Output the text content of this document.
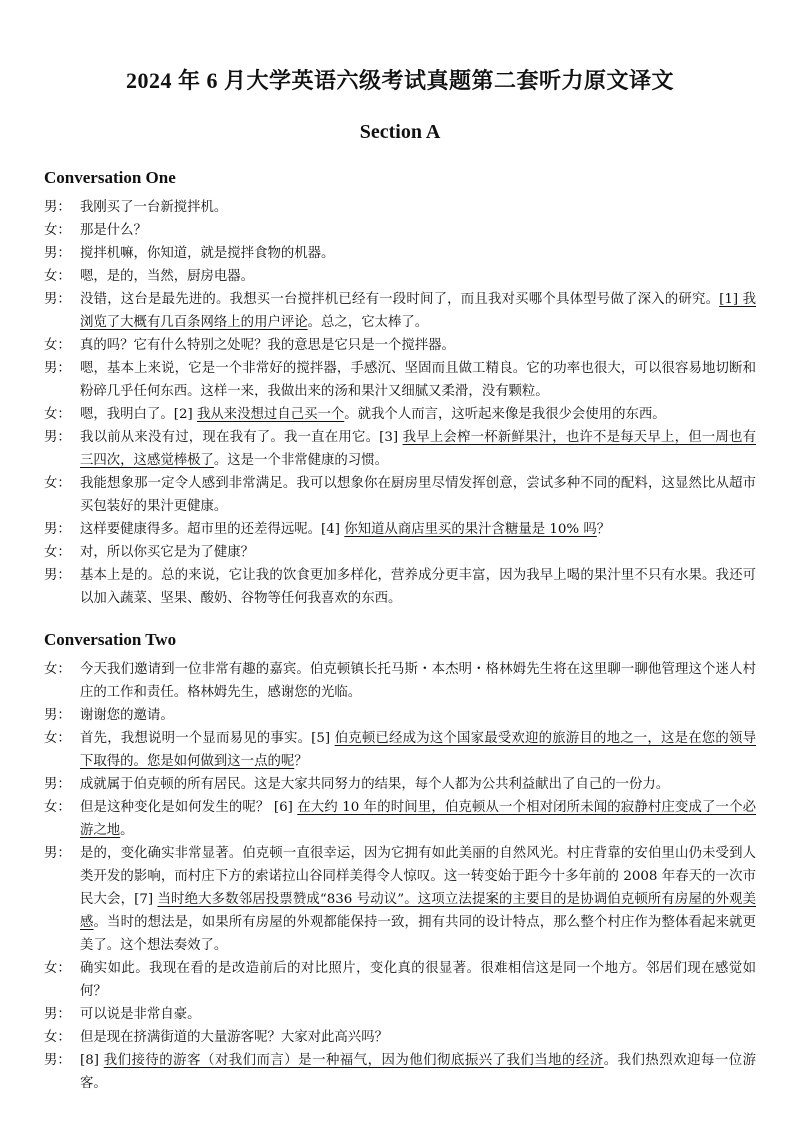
2024 年 6 月大学英语六级考试真题第二套听力原文译文
Section A
Conversation One
男： 我刚买了一台新搅拌机。
女： 那是什么？
男： 搅拌机嘛，你知道，就是搅拌食物的机器。
女： 嗯，是的，当然，厨房电器。
男： 没错，这台是最先进的。我想买一台搅拌机已经有一段时间了，而且我对买哪个具体型号做了深入的研究。[1] 我浏览了大概有几百条网络上的用户评论。总之，它太棒了。
女： 真的吗？它有什么特别之处呢？我的意思是它只是一个搅拌器。
男： 嗯，基本上来说，它是一个非常好的搅拌器，手感沉、坚固而且做工精良。它的功率也很大，可以很容易地切断和粉碎几乎任何东西。这样一来，我做出来的汤和果汁又细腻又柔滑，没有颗粒。
女： 嗯，我明白了。[2] 我从来没想过自己买一个。就我个人而言，这听起来像是我很少会使用的东西。
男： 我以前从来没有过，现在我有了。我一直在用它。[3] 我早上会榨一杯新鲜果汁，也许不是每天早上，但一周也有三四次，这感觉棒极了。这是一个非常健康的习惯。
女： 我能想象那一定令人感到非常满足。我可以想象你在厨房里尽情发挥创意，尝试多种不同的配料，这显然比从超市买包装好的果汁更健康。
男： 这样要健康得多。超市里的还差得远呢。[4] 你知道从商店里买的果汁含糖量是 10% 吗？
女： 对，所以你买它是为了健康？
男： 基本上是的。总的来说，它让我的饮食更加多样化，营养成分更丰富，因为我早上喝的果汁里不只有水果。我还可以加入蔬菜、坚果、酸奶、谷物等任何我喜欢的东西。
Conversation Two
女： 今天我们邀请到一位非常有趣的嘉宾。伯克顿镇长托马斯・本杰明・格林姆先生将在这里聊一聊他管理这个迷人村庄的工作和责任。格林姆先生，感谢您的光临。
男： 谢谢您的邀请。
女： 首先，我想说明一个显而易见的事实。[5] 伯克顿已经成为这个国家最受欢迎的旅游目的地之一，这是在您的领导下取得的。您是如何做到这一点的呢？
男： 成就属于伯克顿的所有居民。这是大家共同努力的结果，每个人都为公共利益献出了自己的一份力。
女： 但是这种变化是如何发生的呢？ [6] 在大约 10 年的时间里，伯克顿从一个相对闭所未闻的寂静村庄变成了一个必游之地。
男： 是的，变化确实非常显著。伯克顿一直很幸运，因为它拥有如此美丽的自然风光。村庄背靠的安伯里山仍未受到人类开发的影响，而村庄下方的索诺拉山谷同样美得令人惊叹。这一转变始于距今十多年前的 2008 年春天的一次市民大会，[7] 当时绝大多数邻居投票赞成“836 号动议”。这项立法提案的主要目的是协调伯克顿所有房屋的外观美感。当时的想法是，如果所有房屋的外观都能保持一致，拥有共同的设计特点，那么整个村庄作为整体看起来就更美了。这个想法奏效了。
女： 确实如此。我现在看的是改造前后的对比照片，变化真的很显著。很难相信这是同一个地方。邻居们现在感觉如何？
男： 可以说是非常自豪。
女： 但是现在挤满街道的大量游客呢？大家对此高兴吗？
男： [8] 我们接待的游客（对我们而言）是一种福气，因为他们彻底振兴了我们当地的经济。我们热烈欢迎每一位游客。
